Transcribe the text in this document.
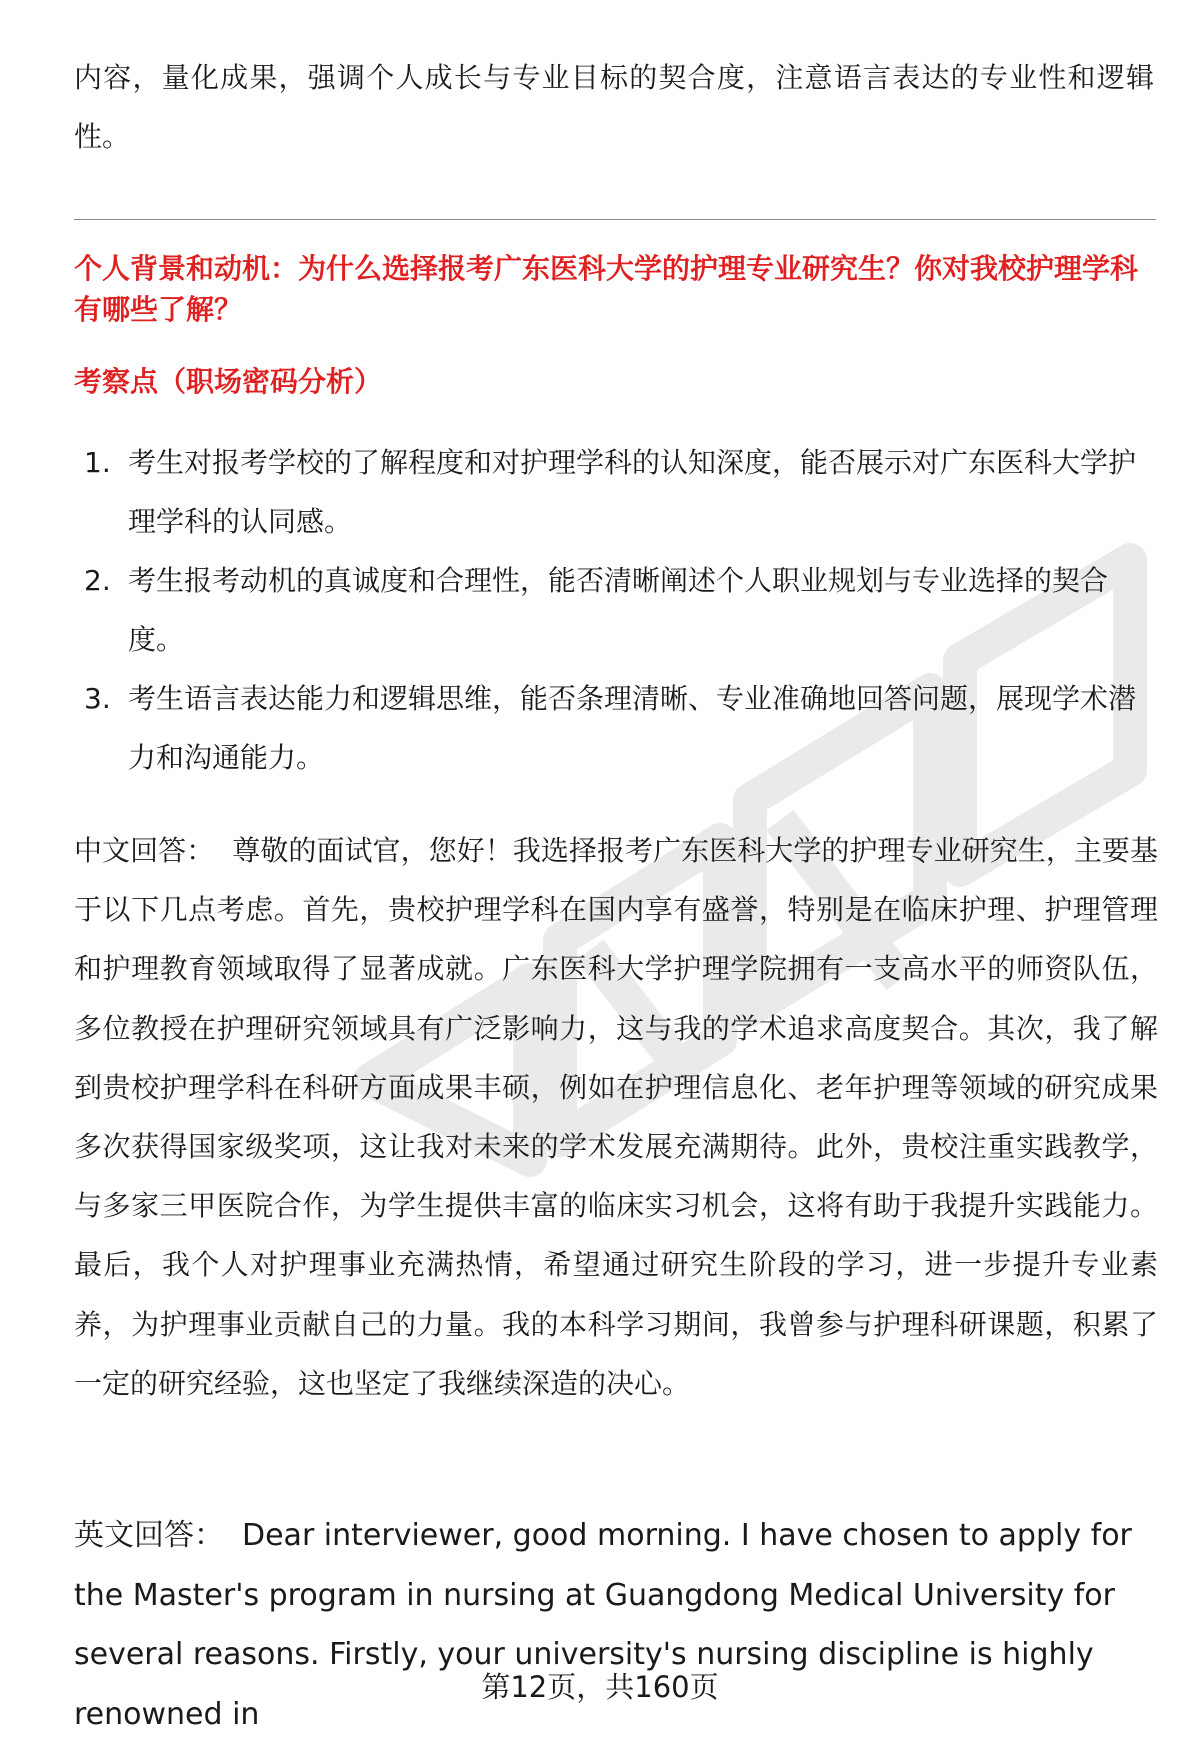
内容，量化成果，强调个人成长与专业目标的契合度，注意语言表达的专业性和逻辑性。

个人背景和动机：为什么选择报考广东医科大学的护理专业研究生？你对我校护理学科有哪些了解？

考察点（职场密码分析）

1. 考生对报考学校的了解程度和对护理学科的认知深度，能否展示对广东医科大学护理学科的认同感。
2. 考生报考动机的真诚度和合理性，能否清晰阐述个人职业规划与专业选择的契合度。
3. 考生语言表达能力和逻辑思维，能否条理清晰、专业准确地回答问题，展现学术潜力和沟通能力。

中文回答： 尊敬的面试官，您好！我选择报考广东医科大学的护理专业研究生，主要基于以下几点考虑。首先，贵校护理学科在国内享有盛誉，特别是在临床护理、护理管理和护理教育领域取得了显著成就。广东医科大学护理学院拥有一支高水平的师资队伍，多位教授在护理研究领域具有广泛影响力，这与我的学术追求高度契合。其次，我了解到贵校护理学科在科研方面成果丰硕，例如在护理信息化、老年护理等领域的研究成果多次获得国家级奖项，这让我对未来的学术发展充满期待。此外，贵校注重实践教学，与多家三甲医院合作，为学生提供丰富的临床实习机会，这将有助于我提升实践能力。最后，我个人对护理事业充满热情，希望通过研究生阶段的学习，进一步提升专业素养，为护理事业贡献自己的力量。我的本科学习期间，我曾参与护理科研课题，积累了一定的研究经验，这也坚定了我继续深造的决心。

英文回答： Dear interviewer, good morning. I have chosen to apply for the Master's program in nursing at Guangdong Medical University for several reasons. Firstly, your university's nursing discipline is highly renowned in

第12页，共160页
